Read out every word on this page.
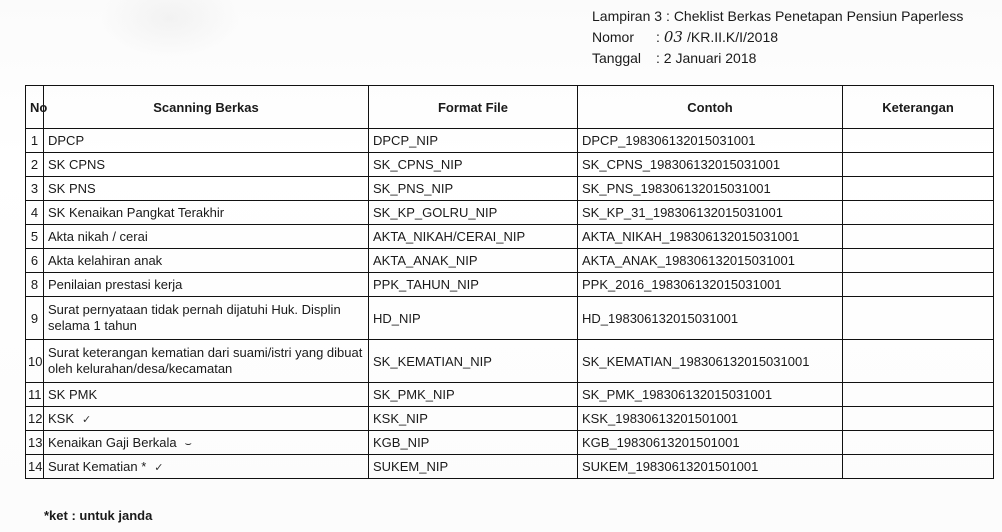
Lampiran 3 : Cheklist Berkas Penetapan Pensiun Paperless
Nomor	: 03 /KR.II.K/I/2018
Tanggal	: 2 Januari 2018
No	Scanning Berkas	Format File	Contoh	Keterangan
1	DPCP	DPCP_NIP	DPCP_198306132015031001	
2	SK CPNS	SK_CPNS_NIP	SK_CPNS_198306132015031001	
3	SK PNS	SK_PNS_NIP	SK_PNS_198306132015031001	
4	SK Kenaikan Pangkat Terakhir	SK_KP_GOLRU_NIP	SK_KP_31_198306132015031001	
5	Akta nikah / cerai	AKTA_NIKAH/CERAI_NIP	AKTA_NIKAH_198306132015031001	
6	Akta kelahiran anak	AKTA_ANAK_NIP	AKTA_ANAK_198306132015031001	
8	Penilaian prestasi kerja	PPK_TAHUN_NIP	PPK_2016_198306132015031001	
9	Surat pernyataan tidak pernah dijatuhi Huk. Displin selama 1 tahun	HD_NIP	HD_198306132015031001	
10	Surat keterangan kematian dari suami/istri yang dibuat oleh kelurahan/desa/kecamatan	SK_KEMATIAN_NIP	SK_KEMATIAN_198306132015031001	
11	SK PMK	SK_PMK_NIP	SK_PMK_198306132015031001	
12	KSK ✓	KSK_NIP	KSK_19830613201501001	
13	Kenaikan Gaji Berkala ⌣	KGB_NIP	KGB_19830613201501001	
14	Surat Kematian * ✓	SUKEM_NIP	SUKEM_19830613201501001	
*ket : untuk janda
